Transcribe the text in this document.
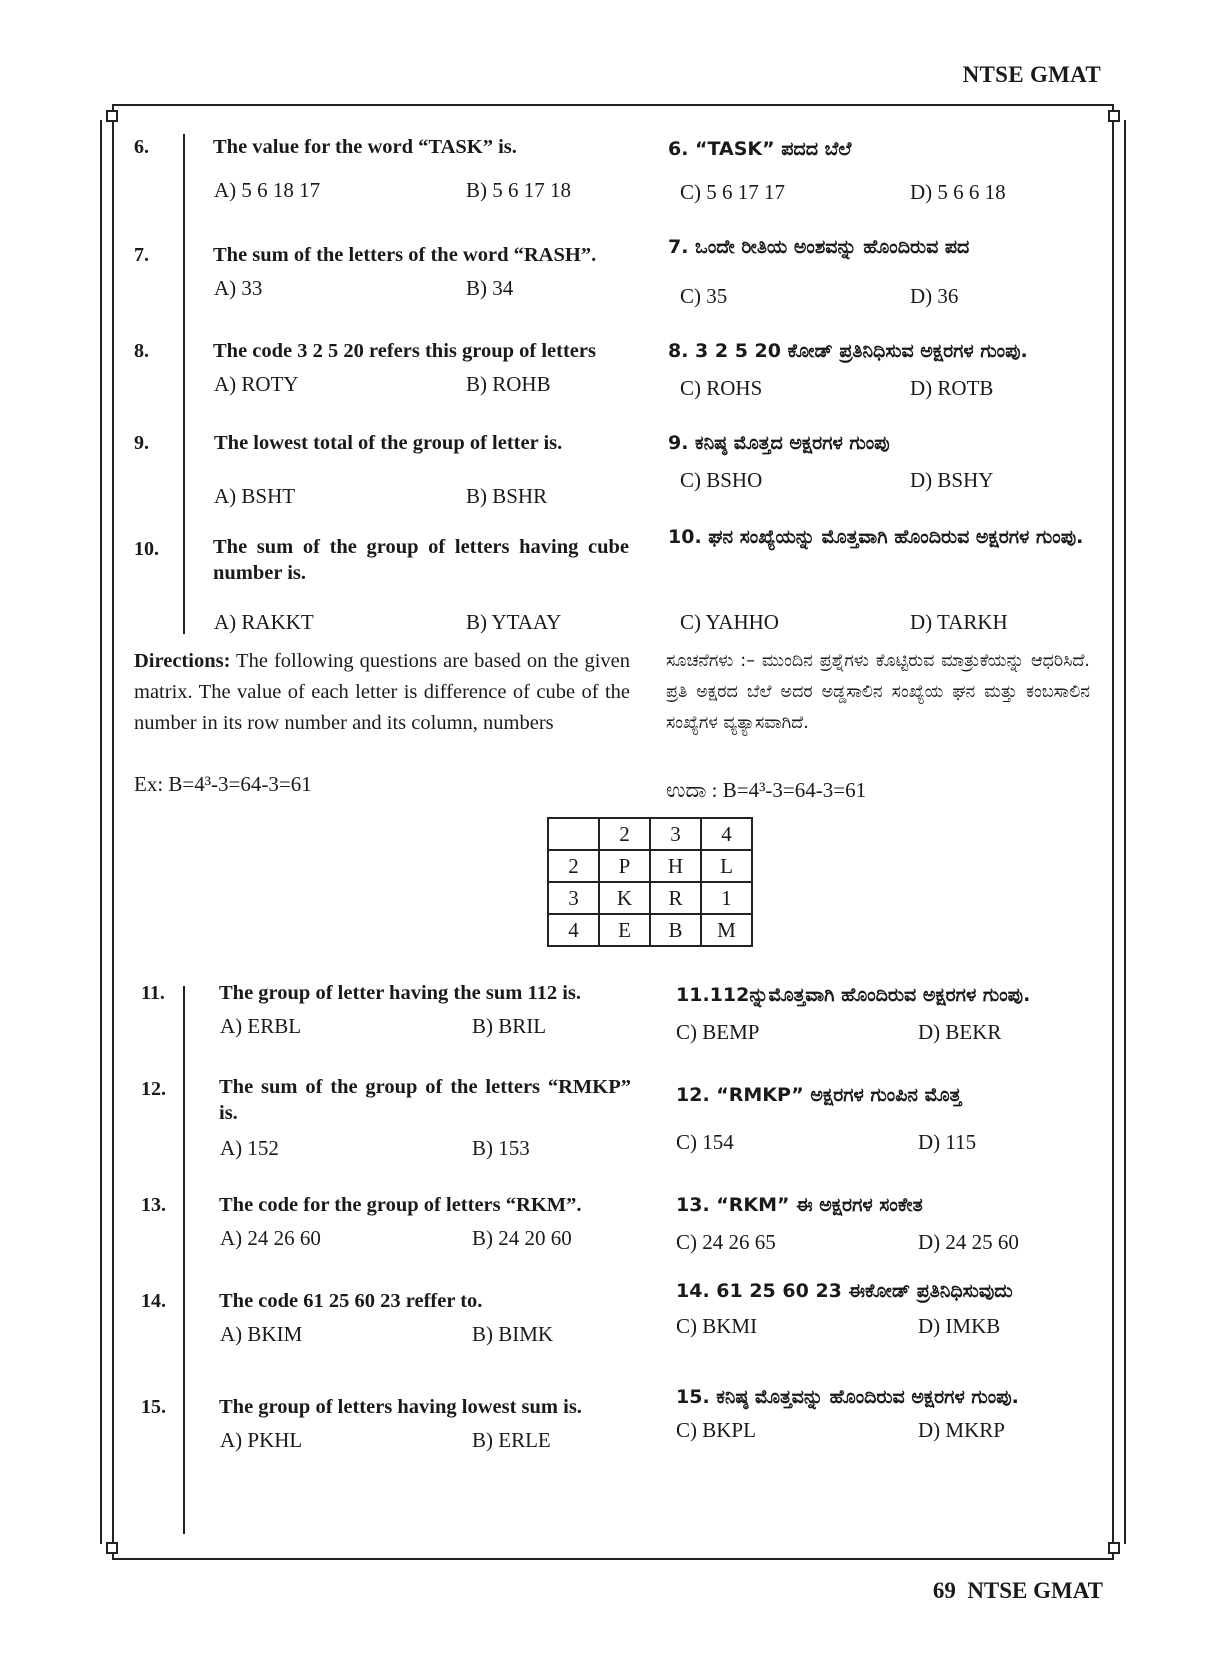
NTSE GMAT
6.	The value for the word “TASK” is.
A) 5 6 18 17	B) 5 6 17 18
6. “TASK” ಪದದ ಬೆಲೆ
C) 5 6 17 17	D) 5 6 6 18
7.	The sum of the letters of the word “RASH”.
A) 33	B) 34
7. ಒಂದೇ ರೀತಿಯ ಅಂಶವನ್ನು ಹೊಂದಿರುವ ಪದ
C) 35	D) 36
8.	The code 3 2 5 20 refers this group of letters
A) ROTY	B) ROHB
8. 3 2 5 20 ಕೋಡ್ ಪ್ರತಿನಿಧಿಸುವ ಅಕ್ಷರಗಳ ಗುಂಪು.
C) ROHS	D) ROTB
9.	The lowest total of the group of letter is.
A) BSHT	B) BSHR
9. ಕನಿಷ್ಠ ಮೊತ್ತದ ಅಕ್ಷರಗಳ ಗುಂಪು
C) BSHO	D) BSHY
10.	The sum of the group of letters having cube number is.
A) RAKKT	B) YTAAY
10. ಘನ ಸಂಖ್ಯೆಯನ್ನು ಮೊತ್ತವಾಗಿ ಹೊಂದಿರುವ ಅಕ್ಷರಗಳ ಗುಂಪು.
C) YAHHO	D) TARKH
Directions: The following questions are based on the given matrix. The value of each letter is difference of cube of the number in its row number and its column, numbers
Ex: B=4³-3=64-3=61
ಸೂಚನೆಗಳು :– ಮುಂದಿನ ಪ್ರಶ್ನೆಗಳು ಕೊಟ್ಟಿರುವ ಮಾತ್ರುಕೆಯನ್ನು ಆಧರಿಸಿದೆ. ಪ್ರತಿ ಅಕ್ಷರದ ಬೆಲೆ ಅದರ ಅಡ್ಡಸಾಲಿನ ಸಂಖ್ಯೆಯ ಘನ ಮತ್ತು ಕಂಬಸಾಲಿನ ಸಂಖ್ಯೆಗಳ ವ್ಯತ್ಯಾಸವಾಗಿದೆ.
ಉದಾ : B=4³-3=64-3=61
	2	3	4
2	P	H	L
3	K	R	1
4	E	B	M
11.	The group of letter having the sum 112 is.
A) ERBL	B) BRIL
11.112ನ್ನುಮೊತ್ತವಾಗಿ ಹೊಂದಿರುವ ಅಕ್ಷರಗಳ ಗುಂಪು.
C) BEMP	D) BEKR
12.	The sum of the group of the letters “RMKP” is.
A) 152	B) 153
12. “RMKP” ಅಕ್ಷರಗಳ ಗುಂಪಿನ ಮೊತ್ತ
C) 154	D) 115
13.	The code for the group of letters “RKM”.
A) 24 26 60	B) 24 20 60
13. “RKM” ಈ ಅಕ್ಷರಗಳ ಸಂಕೇತ
C) 24 26 65	D) 24 25 60
14.	The code 61 25 60 23 reffer to.
A) BKIM	B) BIMK
14. 61 25 60 23 ಈಕೋಡ್ ಪ್ರತಿನಿಧಿಸುವುದು
C) BKMI	D) IMKB
15.	The group of letters having lowest sum is.
A) PKHL	B) ERLE
15. ಕನಿಷ್ಠ ಮೊತ್ತವನ್ನು ಹೊಂದಿರುವ ಅಕ್ಷರಗಳ ಗುಂಪು.
C) BKPL	D) MKRP
69 NTSE GMAT
